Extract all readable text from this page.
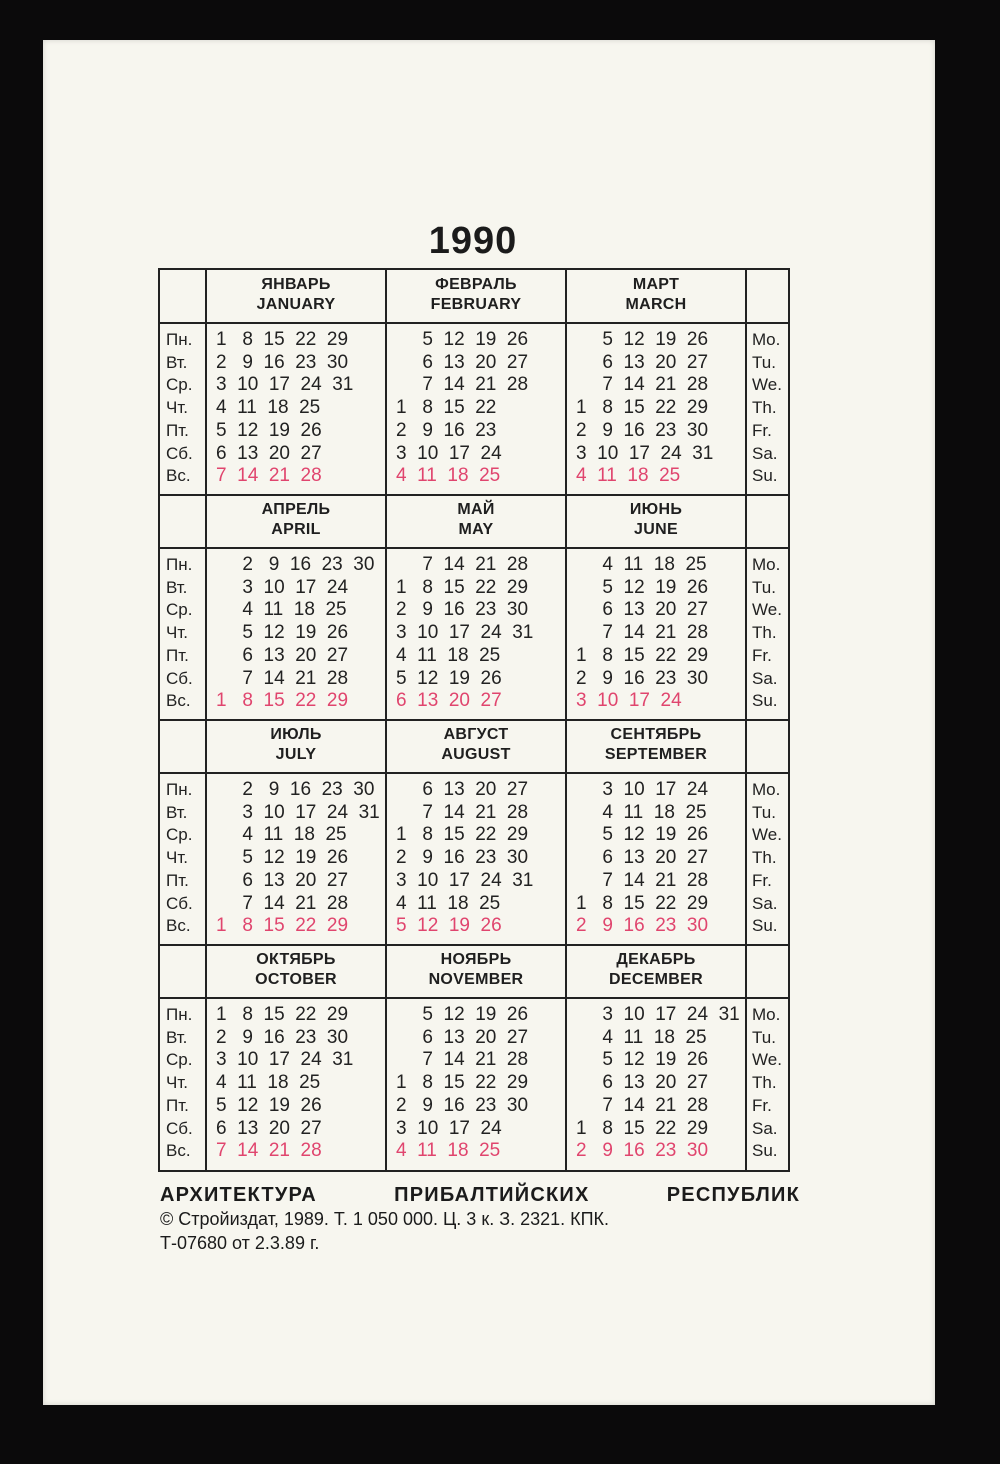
1990
Пн.
Вт.
Ср.
Чт.
Пт.
Сб.
Вс.
Mo.
Tu.
We.
Th.
Fr.
Sa.
Su.
ЯНВАРЬ
JANUARY
1   8  15  22  29
2   9  16  23  30
3  10  17  24  31
4  11  18  25
5  12  19  26
6  13  20  27
7  14  21  28
ФЕВРАЛЬ
FEBRUARY
5  12  19  26
6  13  20  27
7  14  21  28
1   8  15  22
2   9  16  23
3  10  17  24
4  11  18  25
МАРТ
MARCH
5  12  19  26
6  13  20  27
7  14  21  28
1   8  15  22  29
2   9  16  23  30
3  10  17  24  31
4  11  18  25
Пн.
Вт.
Ср.
Чт.
Пт.
Сб.
Вс.
Mo.
Tu.
We.
Th.
Fr.
Sa.
Su.
АПРЕЛЬ
APRIL
2   9  16  23  30
3  10  17  24
4  11  18  25
5  12  19  26
6  13  20  27
7  14  21  28
1   8  15  22  29
МАЙ
MAY
7  14  21  28
1   8  15  22  29
2   9  16  23  30
3  10  17  24  31
4  11  18  25
5  12  19  26
6  13  20  27
ИЮНЬ
JUNE
4  11  18  25
5  12  19  26
6  13  20  27
7  14  21  28
1   8  15  22  29
2   9  16  23  30
3  10  17  24
Пн.
Вт.
Ср.
Чт.
Пт.
Сб.
Вс.
Mo.
Tu.
We.
Th.
Fr.
Sa.
Su.
ИЮЛЬ
JULY
2   9  16  23  30
3  10  17  24  31
4  11  18  25
5  12  19  26
6  13  20  27
7  14  21  28
1   8  15  22  29
АВГУСТ
AUGUST
6  13  20  27
7  14  21  28
1   8  15  22  29
2   9  16  23  30
3  10  17  24  31
4  11  18  25
5  12  19  26
СЕНТЯБРЬ
SEPTEMBER
3  10  17  24
4  11  18  25
5  12  19  26
6  13  20  27
7  14  21  28
1   8  15  22  29
2   9  16  23  30
Пн.
Вт.
Ср.
Чт.
Пт.
Сб.
Вс.
Mo.
Tu.
We.
Th.
Fr.
Sa.
Su.
ОКТЯБРЬ
OCTOBER
1   8  15  22  29
2   9  16  23  30
3  10  17  24  31
4  11  18  25
5  12  19  26
6  13  20  27
7  14  21  28
НОЯБРЬ
NOVEMBER
5  12  19  26
6  13  20  27
7  14  21  28
1   8  15  22  29
2   9  16  23  30
3  10  17  24
4  11  18  25
ДЕКАБРЬ
DECEMBER
3  10  17  24  31
4  11  18  25
5  12  19  26
6  13  20  27
7  14  21  28
1   8  15  22  29
2   9  16  23  30
АРХИТЕКТУРА	ПРИБАЛТИЙСКИХ	РЕСПУБЛИК
© Стройиздат, 1989. Т. 1 050 000. Ц. 3 к. З. 2321. КПК.
Т-07680 от 2.3.89 г.
